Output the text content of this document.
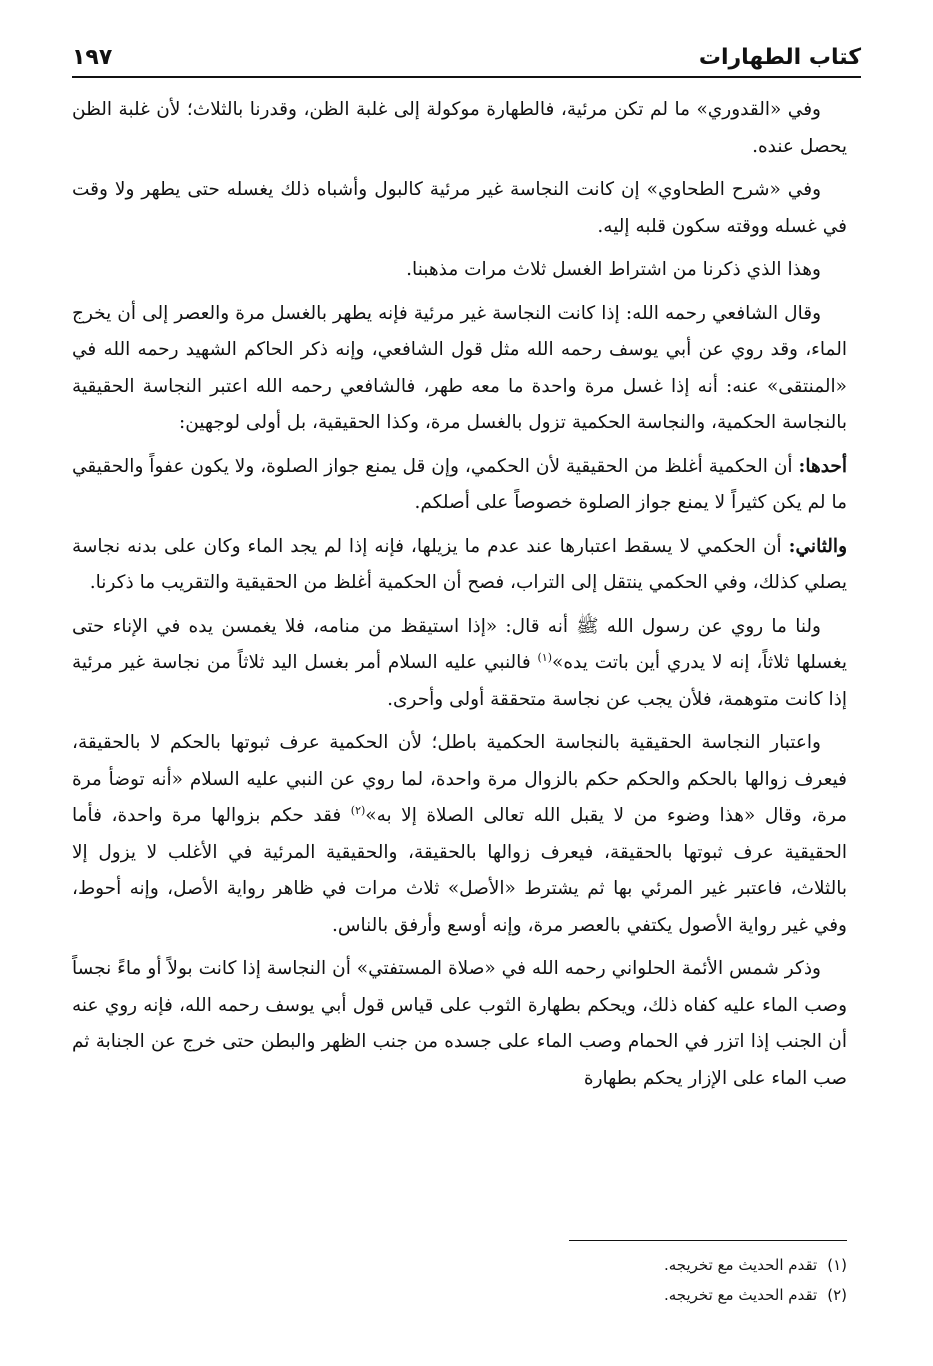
كتاب الطهارات
١٩٧

وفي «القدوري» ما لم تكن مرئية، فالطهارة موكولة إلى غلبة الظن، وقدرنا بالثلاث؛ لأن غلبة الظن يحصل عنده.

وفي «شرح الطحاوي» إن كانت النجاسة غير مرئية كالبول وأشباه ذلك يغسله حتى يطهر ولا وقت في غسله ووقته سكون قلبه إليه.

وهذا الذي ذكرنا من اشتراط الغسل ثلاث مرات مذهبنا.

وقال الشافعي رحمه الله: إذا كانت النجاسة غير مرئية فإنه يطهر بالغسل مرة والعصر إلى أن يخرج الماء، وقد روي عن أبي يوسف رحمه الله مثل قول الشافعي، وإنه ذكر الحاكم الشهيد رحمه الله في «المنتقى» عنه: أنه إذا غسل مرة واحدة ما معه طهر، فالشافعي رحمه الله اعتبر النجاسة الحقيقية بالنجاسة الحكمية، والنجاسة الحكمية تزول بالغسل مرة، وكذا الحقيقية، بل أولى لوجهين:

أحدها: أن الحكمية أغلظ من الحقيقية لأن الحكمي، وإن قل يمنع جواز الصلوة، ولا يكون عفواً والحقيقي ما لم يكن كثيراً لا يمنع جواز الصلوة خصوصاً على أصلكم.

والثاني: أن الحكمي لا يسقط اعتبارها عند عدم ما يزيلها، فإنه إذا لم يجد الماء وكان على بدنه نجاسة يصلي كذلك، وفي الحكمي ينتقل إلى التراب، فصح أن الحكمية أغلظ من الحقيقية والتقريب ما ذكرنا.

ولنا ما روي عن رسول الله ﷺ أنه قال: «إذا استيقظ من منامه، فلا يغمسن يده في الإناء حتى يغسلها ثلاثاً، إنه لا يدري أين باتت يده»$^{(١)}$ فالنبي عليه السلام أمر بغسل اليد ثلاثاً من نجاسة غير مرئية إذا كانت متوهمة، فلأن يجب عن نجاسة متحققة أولى وأحرى.

واعتبار النجاسة الحقيقية بالنجاسة الحكمية باطل؛ لأن الحكمية عرف ثبوتها بالحكم لا بالحقيقة، فيعرف زوالها بالحكم والحكم حكم بالزوال مرة واحدة، لما روي عن النبي عليه السلام «أنه توضأ مرة مرة، وقال «هذا وضوء من لا يقبل الله تعالى الصلاة إلا به»$^{(٢)}$ فقد حكم بزوالها مرة واحدة، فأما الحقيقية عرف ثبوتها بالحقيقة، فيعرف زوالها بالحقيقة، والحقيقية المرئية في الأغلب لا يزول إلا بالثلاث، فاعتبر غير المرئي بها ثم يشترط «الأصل» ثلاث مرات في ظاهر رواية الأصل، وإنه أحوط، وفي غير رواية الأصول يكتفي بالعصر مرة، وإنه أوسع وأرفق بالناس.

وذكر شمس الأئمة الحلواني رحمه الله في «صلاة المستفتي» أن النجاسة إذا كانت بولاً أو ماءً نجساً وصب الماء عليه كفاه ذلك، ويحكم بطهارة الثوب على قياس قول أبي يوسف رحمه الله، فإنه روي عنه أن الجنب إذا اتزر في الحمام وصب الماء على جسده من جنب الظهر والبطن حتى خرج عن الجنابة ثم صب الماء على الإزار يحكم بطهارة

(١)
تقدم الحديث مع تخريجه.
(٢)
تقدم الحديث مع تخريجه.
